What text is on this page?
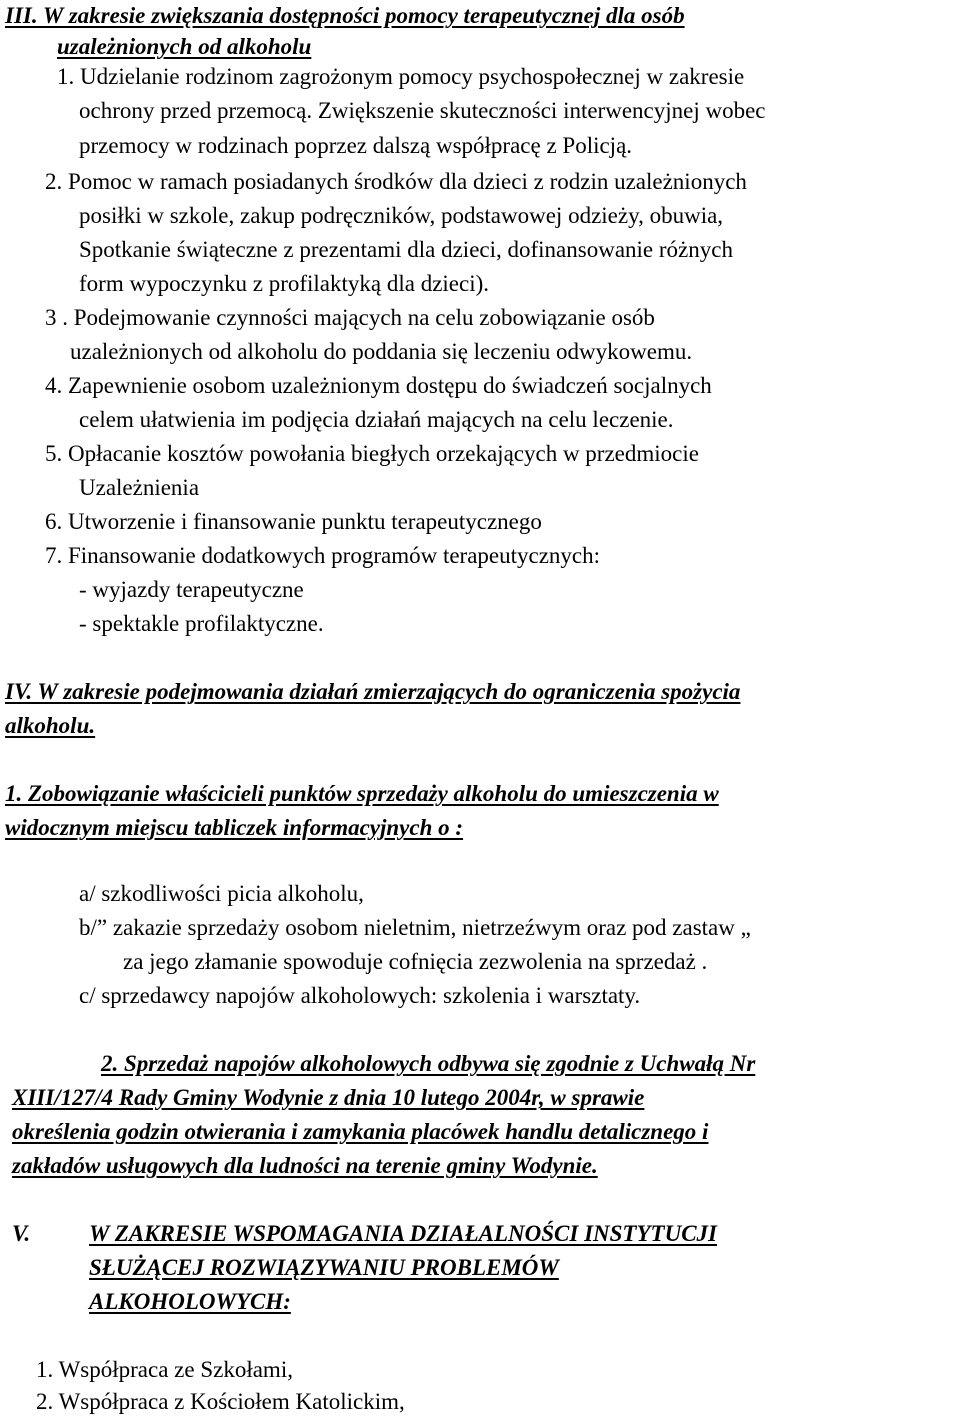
III. W zakresie zwiększania dostępności pomocy terapeutycznej dla osób
uzależnionych od alkoholu
1. Udzielanie rodzinom zagrożonym pomocy psychospołecznej w zakresie
ochrony przed przemocą. Zwiększenie skuteczności interwencyjnej wobec
przemocy w rodzinach poprzez dalszą współpracę z Policją.
2. Pomoc w ramach posiadanych środków dla dzieci z rodzin uzależnionych
posiłki w szkole, zakup podręczników, podstawowej odzieży, obuwia,
Spotkanie świąteczne z prezentami dla dzieci, dofinansowanie różnych
form wypoczynku z profilaktyką dla dzieci).
3 . Podejmowanie czynności mających na celu zobowiązanie osób
uzależnionych od alkoholu do poddania się leczeniu odwykowemu.
4. Zapewnienie osobom uzależnionym dostępu do świadczeń socjalnych
celem ułatwienia im podjęcia działań mających na celu leczenie.
5. Opłacanie kosztów powołania biegłych orzekających w przedmiocie
Uzależnienia
6. Utworzenie i finansowanie punktu terapeutycznego
7. Finansowanie dodatkowych programów terapeutycznych:
- wyjazdy terapeutyczne
- spektakle profilaktyczne.
IV. W zakresie podejmowania działań zmierzających do ograniczenia spożycia
alkoholu.
1. Zobowiązanie właścicieli punktów sprzedaży alkoholu do umieszczenia w
widocznym miejscu tabliczek informacyjnych o :
a/ szkodliwości picia alkoholu,
b/” zakazie sprzedaży osobom nieletnim, nietrzeźwym oraz pod zastaw „
za jego złamanie spowoduje cofnięcia zezwolenia na sprzedaż .
c/ sprzedawcy napojów alkoholowych: szkolenia i warsztaty.
2. Sprzedaż napojów alkoholowych odbywa się zgodnie z Uchwałą Nr
XIII/127/4 Rady Gminy Wodynie z dnia 10 lutego 2004r, w sprawie
określenia godzin otwierania i zamykania placówek handlu detalicznego i
zakładów usługowych dla ludności na terenie gminy Wodynie.
V.	W ZAKRESIE WSPOMAGANIA DZIAŁALNOŚCI INSTYTUCJI
SŁUŻĄCEJ ROZWIĄZYWANIU PROBLEMÓW
ALKOHOLOWYCH:
1. Współpraca ze Szkołami,
2. Współpraca z Kościołem Katolickim,
